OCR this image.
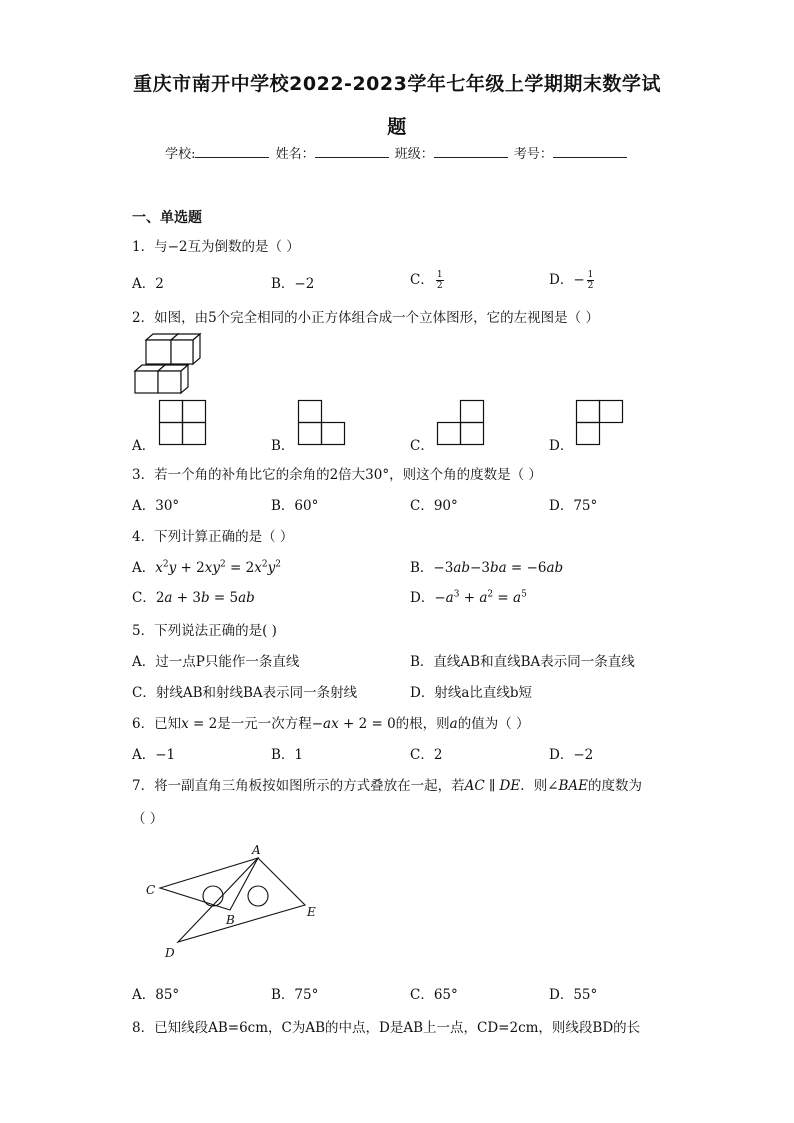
重庆市南开中学校2022-2023学年七年级上学期期末数学试
题
学校:	姓名：	班级：	考号：
一、单选题
1．与−2互为倒数的是（ ）
A．2	B．−2	C． $\frac{1}{2}$	D．− $\frac{1}{2}$
2．如图，由5个完全相同的小正方体组合成一个立体图形，它的左视图是（ ）
A．	B．	C．	D．
3．若一个角的补角比它的余角的2倍大30°，则这个角的度数是（ ）
A．30°	B．60°	C．90°	D．75°
4．下列计算正确的是（ ）
A．$x^2y + 2xy^2 = 2x^2y^2$	B．−3ab−3ba = −6ab
C．2a + 3b = 5ab	D．$-a^3 + a^2 = a^5$
5．下列说法正确的是( )
A．过一点P只能作一条直线	B．直线AB和直线BA表示同一条直线
C．射线AB和射线BA表示同一条射线	D．射线a比直线b短
6．已知x = 2是一元一次方程−ax + 2 = 0的根，则a的值为（ ）
A．−1	B．1	C．2	D．−2
7．将一副直角三角板按如图所示的方式叠放在一起，若AC ∥ DE．则∠BAE的度数为
（ ）
A
C
B
D
E
A．85°	B．75°	C．65°	D．55°
8．已知线段AB=6cm，C为AB的中点，D是AB上一点，CD=2cm，则线段BD的长
